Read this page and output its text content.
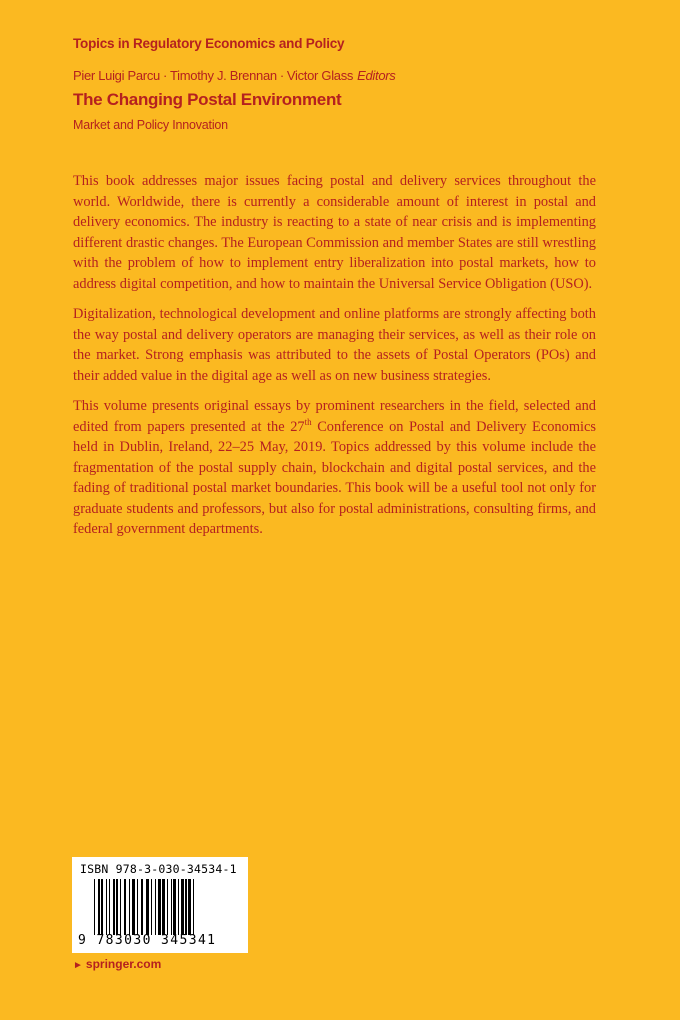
Topics in Regulatory Economics and Policy
Pier Luigi Parcu · Timothy J. Brennan · Victor Glass Editors
The Changing Postal Environment
Market and Policy Innovation

This book addresses major issues facing postal and delivery services throughout the world. Worldwide, there is currently a considerable amount of interest in postal and delivery economics. The industry is reacting to a state of near crisis and is implementing different drastic changes. The European Commission and member States are still wrestling with the problem of how to implement entry liberalization into postal markets, how to address digital competition, and how to maintain the Universal Service Obligation (USO).

Digitalization, technological development and online platforms are strongly affecting both the way postal and delivery operators are managing their services, as well as their role on the market. Strong emphasis was attributed to the assets of Postal Operators (POs) and their added value in the digital age as well as on new business strategies.

This volume presents original essays by prominent researchers in the field, selected and edited from papers presented at the 27th Conference on Postal and Delivery Economics held in Dublin, Ireland, 22–25 May, 2019. Topics addressed by this volume include the fragmentation of the postal supply chain, blockchain and digital postal services, and the fading of traditional postal market boundaries. This book will be a useful tool not only for graduate students and professors, but also for postal administrations, consulting firms, and federal government departments.

ISBN 978-3-030-34534-1
9 783030 345341
► springer.com
